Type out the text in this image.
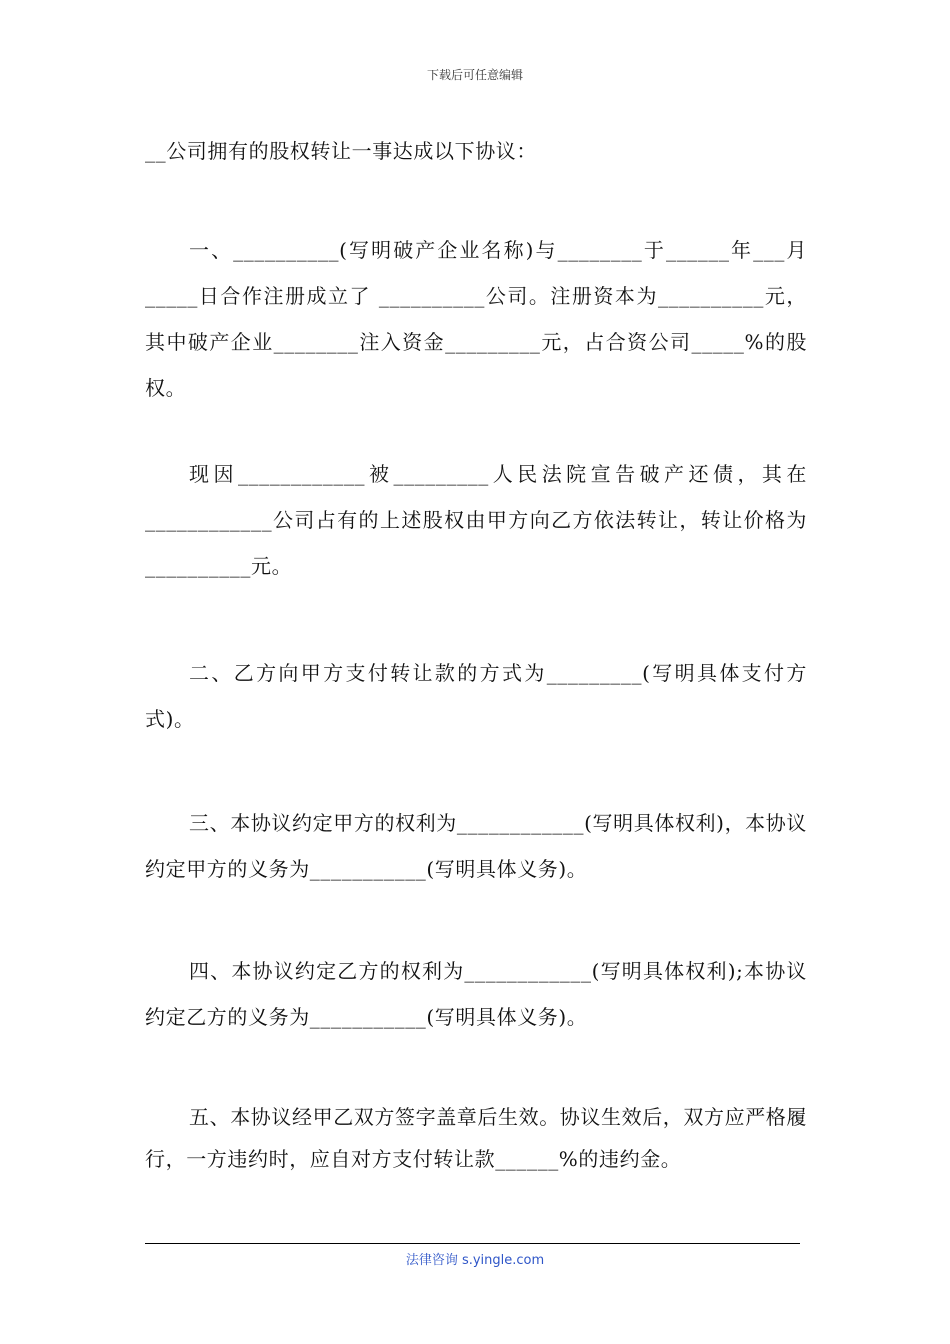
下载后可任意编辑

__公司拥有的股权转让一事达成以下协议：

一、__________(写明破产企业名称)与________于______年___月_____日合作注册成立了 __________公司。注册资本为__________元，其中破产企业________注入资金_________元，占合资公司_____%的股权。

现因____________被_________人民法院宣告破产还债，其在____________公司占有的上述股权由甲方向乙方依法转让，转让价格为__________元。

二、乙方向甲方支付转让款的方式为_________(写明具体支付方式)。

三、本协议约定甲方的权利为____________(写明具体权利)，本协议约定甲方的义务为___________(写明具体义务)。

四、本协议约定乙方的权利为____________(写明具体权利);本协议约定乙方的义务为___________(写明具体义务)。

五、本协议经甲乙双方签字盖章后生效。协议生效后，双方应严格履行，一方违约时，应自对方支付转让款______%的违约金。

法律咨询 s.yingle.com
